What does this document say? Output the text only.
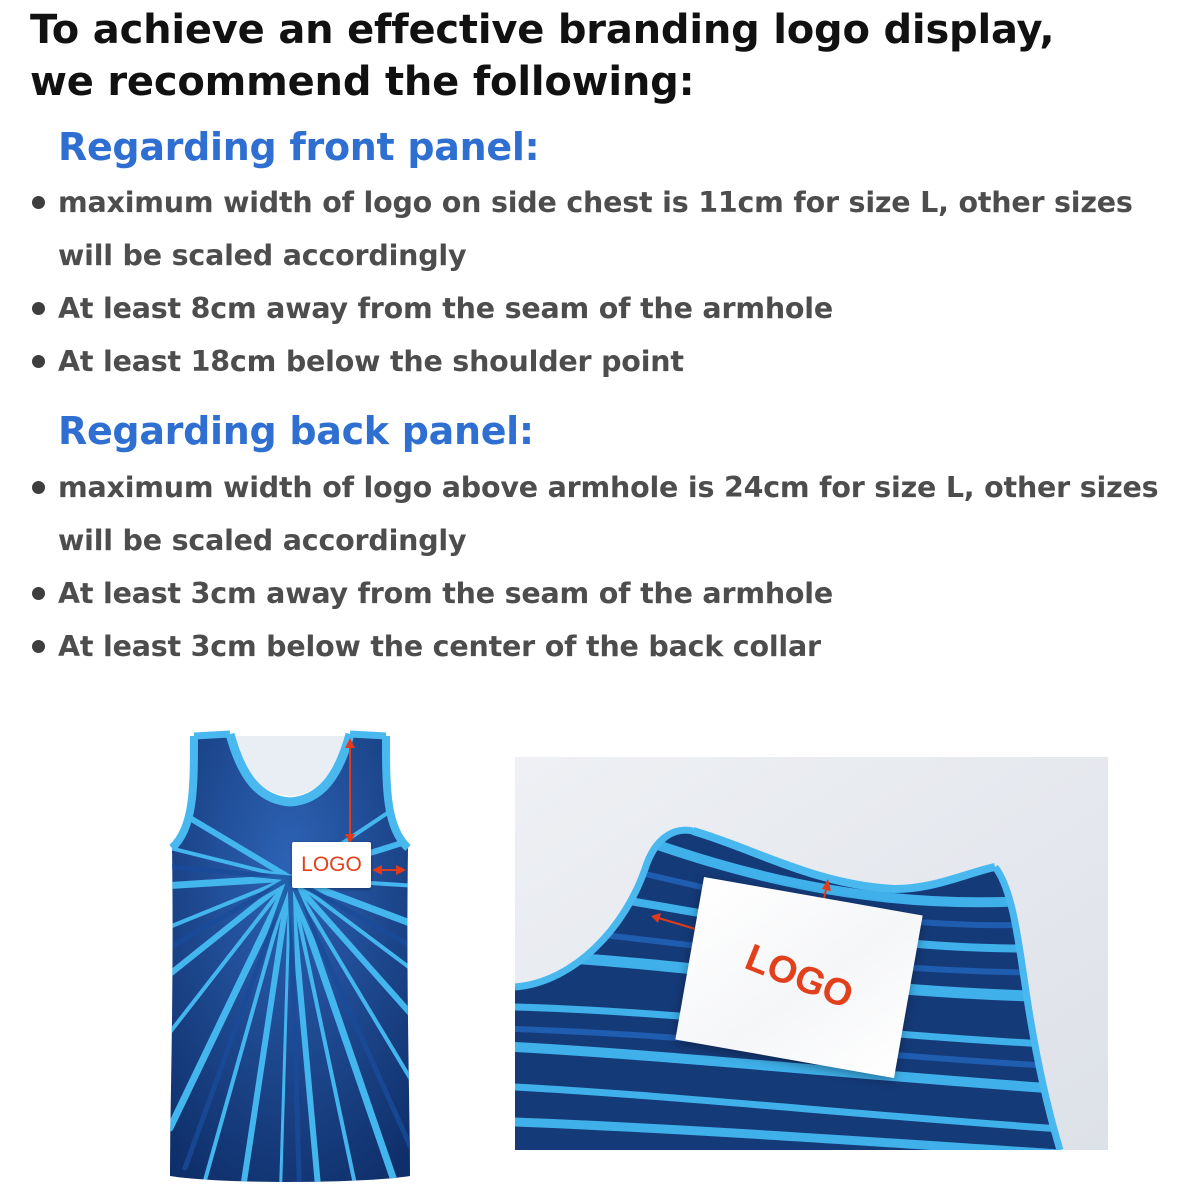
To achieve an effective branding logo display,
we recommend the following:
Regarding front panel:
maximum width of logo on side chest is 11cm for size L, other sizes
will be scaled accordingly
At least 8cm away from the seam of the armhole
At least 18cm below the shoulder point
Regarding back panel:
maximum width of logo above armhole is 24cm for size L, other sizes
will be scaled accordingly
At least 3cm away from the seam of the armhole
At least 3cm below the center of the back collar
LOGO
LOGO
